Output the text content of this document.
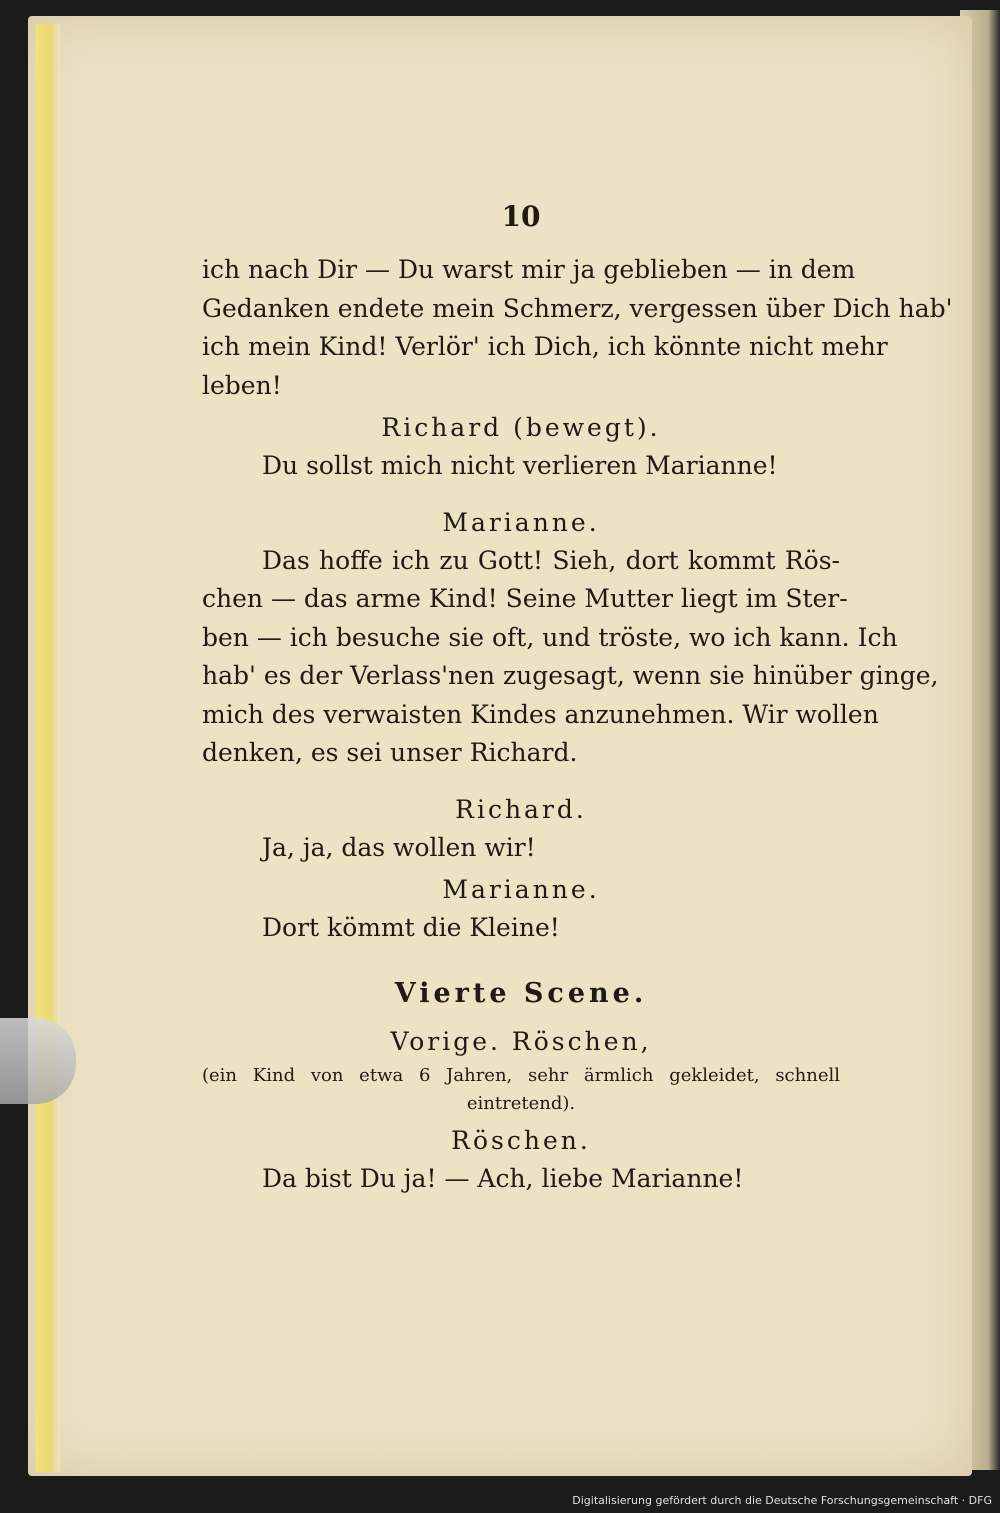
10
ich nach Dir — Du warst mir ja geblieben — in dem
Gedanken endete mein Schmerz, vergessen über Dich hab'
ich mein Kind! Verlör' ich Dich, ich könnte nicht mehr
leben!
Richard (bewegt).
Du sollst mich nicht verlieren Marianne!
Marianne.
Das hoffe ich zu Gott! Sieh, dort kommt Rös-
chen — das arme Kind! Seine Mutter liegt im Ster-
ben — ich besuche sie oft, und tröste, wo ich kann. Ich
hab' es der Verlass'nen zugesagt, wenn sie hinüber ginge,
mich des verwaisten Kindes anzunehmen. Wir wollen
denken, es sei unser Richard.
Richard.
Ja, ja, das wollen wir!
Marianne.
Dort kömmt die Kleine!
Vierte Scene.
Vorige. Röschen,
(ein Kind von etwa 6 Jahren, sehr ärmlich gekleidet, schnell
eintretend).
Röschen.
Da bist Du ja! — Ach, liebe Marianne!
Digitalisierung gefördert durch die Deutsche Forschungsgemeinschaft · DFG
